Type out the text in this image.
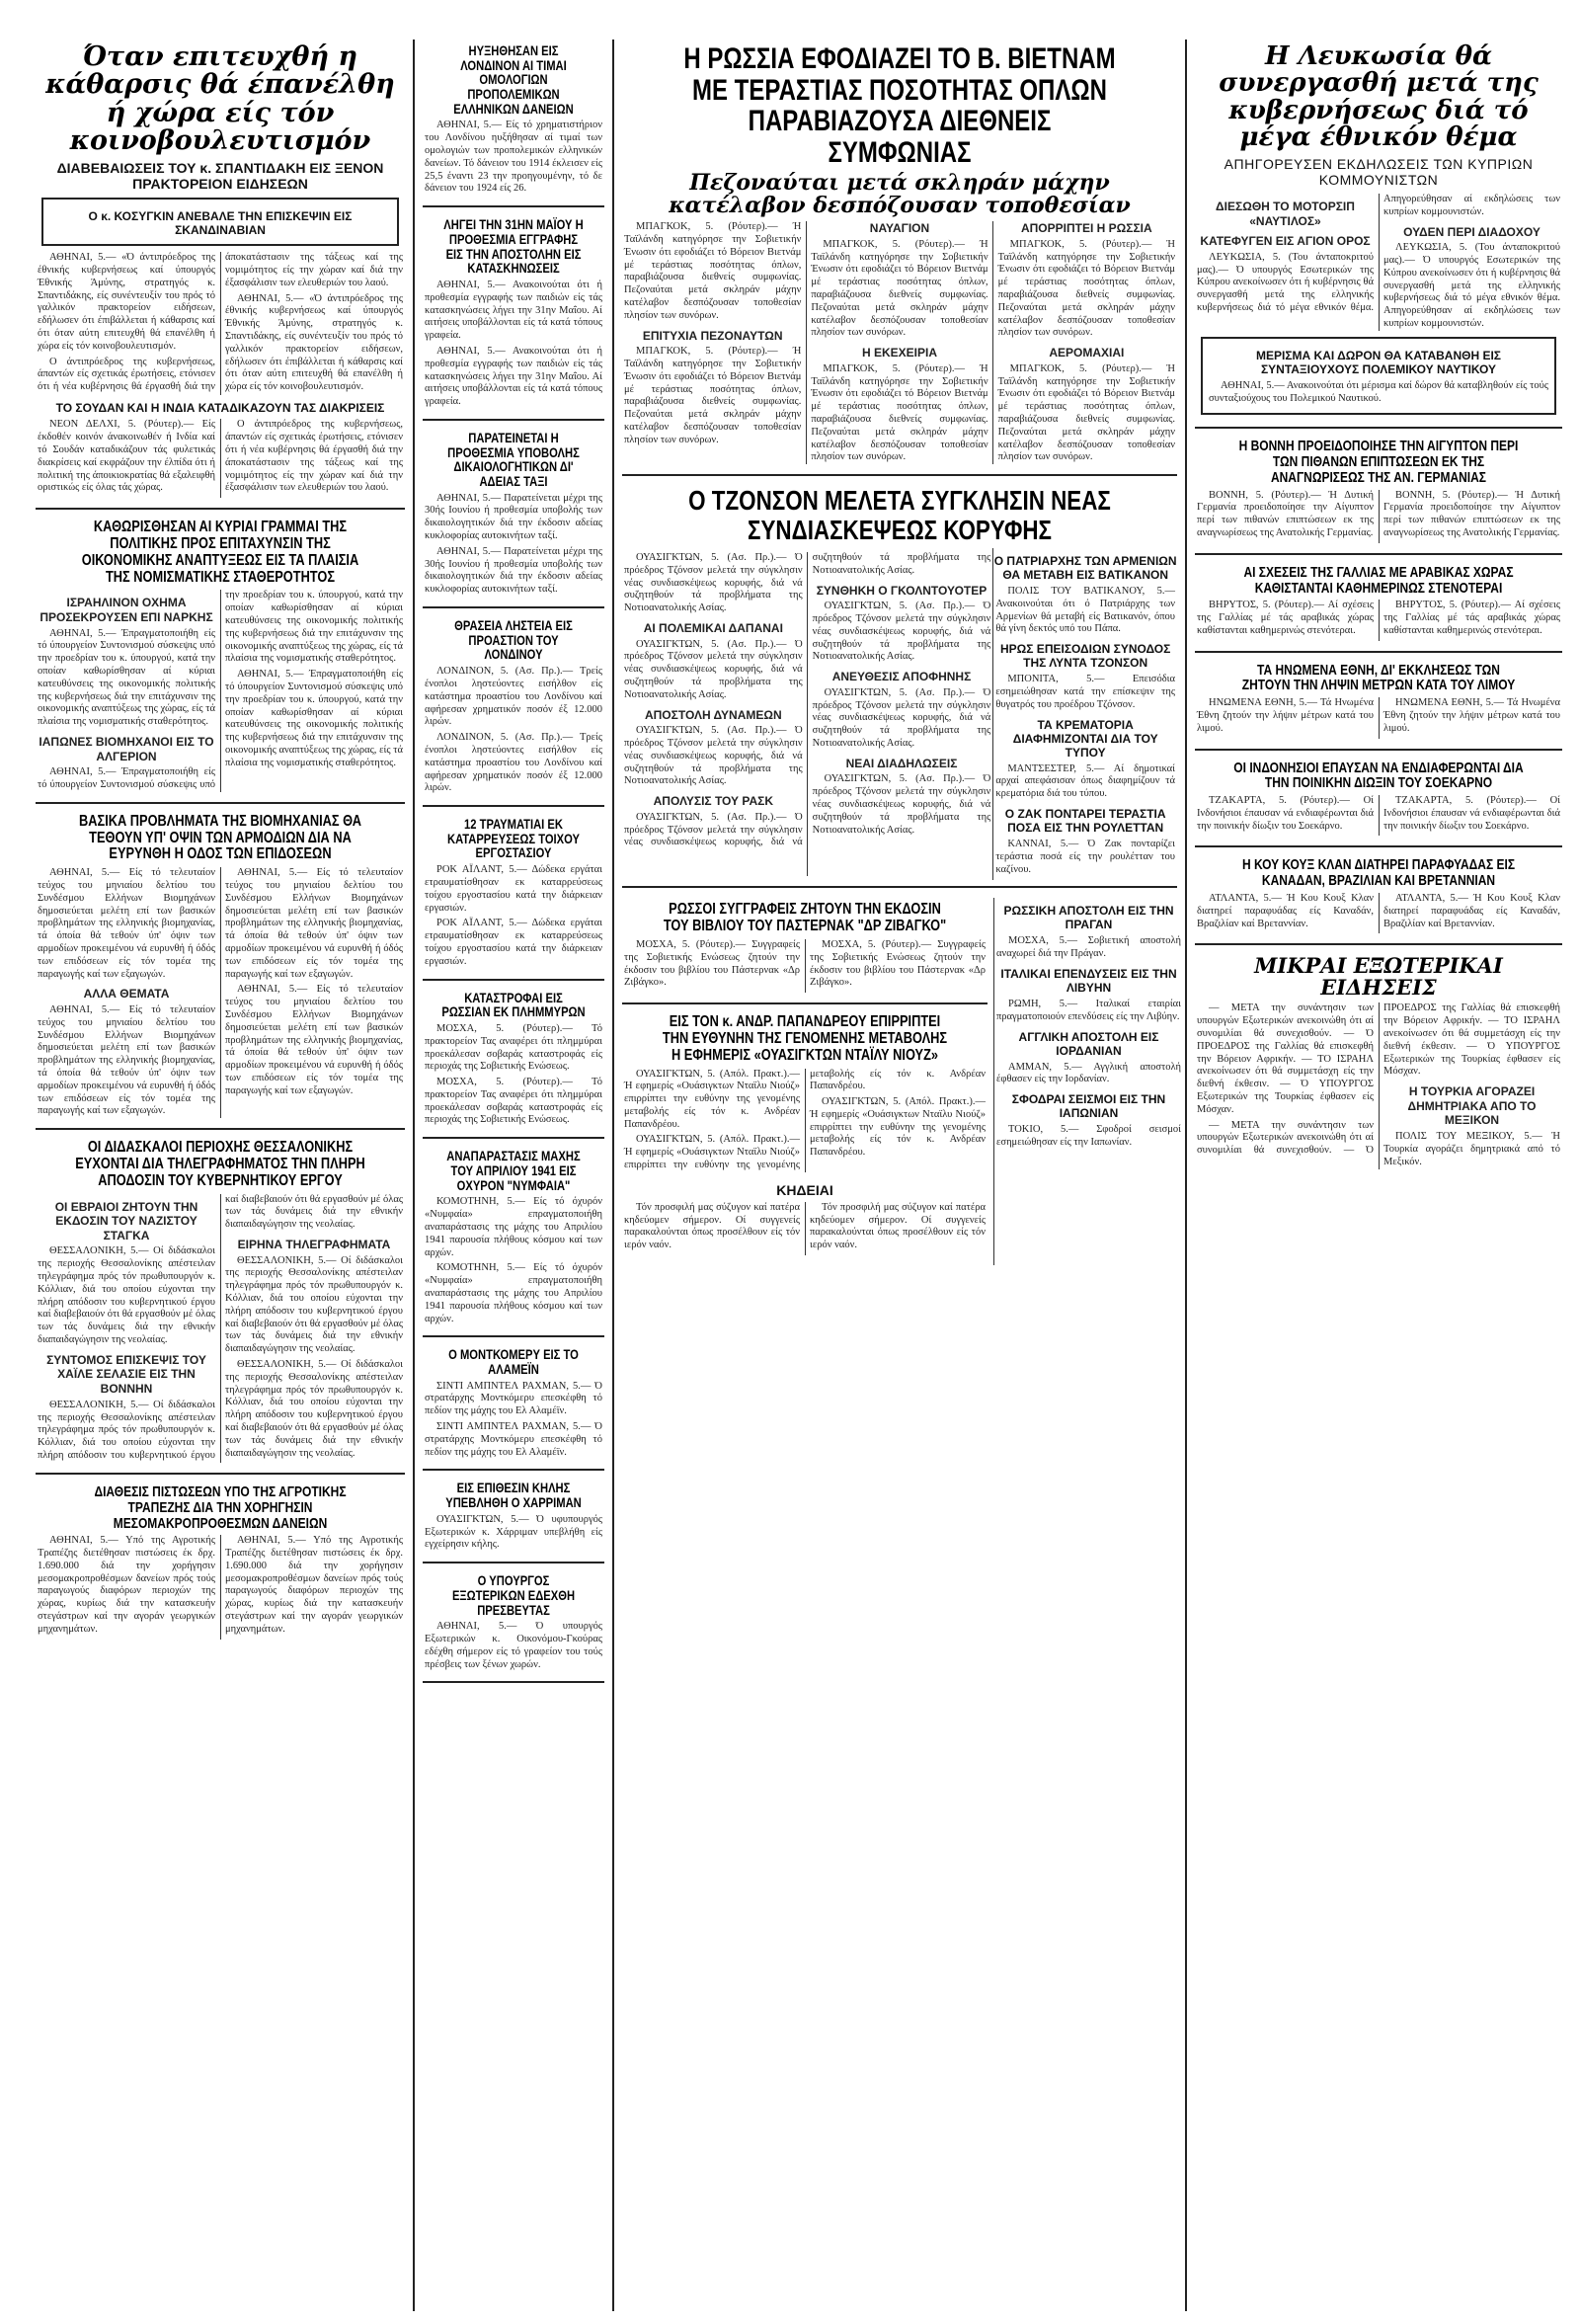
Όταν επιτευχθή η κάθαρσις θά έπανέλθη ή χώρα είς τόν κοινοβουλευτισμόν
ΔΙΑΒΕΒΑΙΩΣΕΙΣ ΤΟΥ κ. ΣΠΑΝΤΙΔΑΚΗ ΕΙΣ ΞΕΝΟΝ ΠΡΑΚΤΟΡΕΙΟΝ ΕΙΔΗΣΕΩΝ
Ο κ. ΚΟΣΥΓΚΙΝ ΑΝΕΒΑΛΕ ΤΗΝ ΕΠΙΣΚΕΨΙΝ ΕΙΣ ΣΚΑΝΔΙΝΑΒΙΑΝ

ΑΘΗΝΑΙ, 5.— «Ό άντιπρόεδρος της έθνικής κυβερνήσεως καί ύπουργός Έθνικής Άμύνης, στρατηγός κ. Σπαντιδάκης, είς συνέντευξίν του πρός τό γαλλικόν πρακτορείον ειδήσεων, εδήλωσεν ότι έπιβάλλεται ή κάθαρσις καί ότι όταν αύτη επιτευχθή θά επανέλθη ή χώρα είς τόν κοινοβουλευτισμόν.

Ο άντιπρόεδρος της κυβερνήσεως, άπαντών είς σχετικάς έρωτήσεις, ετόνισεν ότι ή νέα κυβέρνησις θά έργασθή διά την άποκατάστασιν της τάξεως καί της νομιμότητος είς την χώραν καί διά την έξασφάλισιν των ελευθεριών του λαού.

ΑΘΗΝΑΙ, 5.— «Ό άντιπρόεδρος της έθνικής κυβερνήσεως καί ύπουργός Έθνικής Άμύνης, στρατηγός κ. Σπαντιδάκης, είς συνέντευξίν του πρός τό γαλλικόν πρακτορείον ειδήσεων, εδήλωσεν ότι έπιβάλλεται ή κάθαρσις καί ότι όταν αύτη επιτευχθή θά επανέλθη ή χώρα είς τόν κοινοβουλευτισμόν.

ΤΟ ΣΟΥΔΑΝ ΚΑΙ Η ΙΝΔΙΑ ΚΑΤΑΔΙΚΑΖΟΥΝ ΤΑΣ ΔΙΑΚΡΙΣΕΙΣ

ΝΕΟΝ ΔΕΛΧΙ, 5. (Ρόυτερ).— Είς έκδοθέν κοινόν άνακοινωθέν ή Ινδία καί τό Σουδάν καταδικάζουν τάς φυλετικάς διακρίσεις καί εκφράζουν την έλπίδα ότι ή πολιτική της άποικιοκρατίας θά εξαλειφθή οριστικώς είς όλας τάς χώρας.

Ο άντιπρόεδρος της κυβερνήσεως, άπαντών είς σχετικάς έρωτήσεις, ετόνισεν ότι ή νέα κυβέρνησις θά έργασθή διά την άποκατάστασιν της τάξεως καί της νομιμότητος είς την χώραν καί διά την έξασφάλισιν των ελευθεριών του λαού.

ΚΑΘΩΡΙΣΘΗΣΑΝ ΑΙ ΚΥΡΙΑΙ ΓΡΑΜΜΑΙ ΤΗΣ ΠΟΛΙΤΙΚΗΣ ΠΡΟΣ ΕΠΙΤΑΧΥΝΣΙΝ ΤΗΣ ΟΙΚΟΝΟΜΙΚΗΣ ΑΝΑΠΤΥΞΕΩΣ ΕΙΣ ΤΑ ΠΛΑΙΣΙΑ ΤΗΣ ΝΟΜΙΣΜΑΤΙΚΗΣ ΣΤΑΘΕΡΟΤΗΤΟΣ
ΙΣΡΑΗΛΙΝΟΝ ΟΧΗΜΑ ΠΡΟΣΕΚΡΟΥΣΕΝ ΕΠΙ ΝΑΡΚΗΣ

ΑΘΗΝΑΙ, 5.— Έπραγματοποιήθη είς τό ύπουργείον Συντονισμού σύσκεψις υπό την προεδρίαν του κ. ύπουργού, κατά την οποίαν καθωρίσθησαν αί κύριαι κατευθύνσεις της οικονομικής πολιτικής της κυβερνήσεως διά την επιτάχυνσιν της οικονομικής αναπτύξεως της χώρας, είς τά πλαίσια της νομισματικής σταθερότητος.

ΙΑΠΩΝΕΣ ΒΙΟΜΗΧΑΝΟΙ ΕΙΣ ΤΟ ΑΛΓΕΡΙΟΝ

ΑΘΗΝΑΙ, 5.— Έπραγματοποιήθη είς τό ύπουργείον Συντονισμού σύσκεψις υπό την προεδρίαν του κ. ύπουργού, κατά την οποίαν καθωρίσθησαν αί κύριαι κατευθύνσεις της οικονομικής πολιτικής της κυβερνήσεως διά την επιτάχυνσιν της οικονομικής αναπτύξεως της χώρας, είς τά πλαίσια της νομισματικής σταθερότητος.

ΑΘΗΝΑΙ, 5.— Έπραγματοποιήθη είς τό ύπουργείον Συντονισμού σύσκεψις υπό την προεδρίαν του κ. ύπουργού, κατά την οποίαν καθωρίσθησαν αί κύριαι κατευθύνσεις της οικονομικής πολιτικής της κυβερνήσεως διά την επιτάχυνσιν της οικονομικής αναπτύξεως της χώρας, είς τά πλαίσια της νομισματικής σταθερότητος.

ΒΑΣΙΚΑ ΠΡΟΒΛΗΜΑΤΑ ΤΗΣ ΒΙΟΜΗΧΑΝΙΑΣ ΘΑ ΤΕΘΟΥΝ ΥΠ' ΟΨΙΝ ΤΩΝ ΑΡΜΟΔΙΩΝ ΔΙΑ ΝΑ ΕΥΡΥΝΘΗ Η ΟΔΟΣ ΤΩΝ ΕΠΙΔΟΣΕΩΝ

ΑΘΗΝΑΙ, 5.— Είς τό τελευταίον τεύχος του μηνιαίου δελτίου του Συνδέσμου Ελλήνων Βιομηχάνων δημοσιεύεται μελέτη επί των βασικών προβλημάτων της ελληνικής βιομηχανίας, τά όποία θά τεθούν ύπ' όψιν των αρμοδίων προκειμένου νά ευρυνθή ή όδός των επιδόσεων είς τόν τομέα της παραγωγής καί των εξαγωγών.

ΑΛΛΑ ΘΕΜΑΤΑ

ΑΘΗΝΑΙ, 5.— Είς τό τελευταίον τεύχος του μηνιαίου δελτίου του Συνδέσμου Ελλήνων Βιομηχάνων δημοσιεύεται μελέτη επί των βασικών προβλημάτων της ελληνικής βιομηχανίας, τά όποία θά τεθούν ύπ' όψιν των αρμοδίων προκειμένου νά ευρυνθή ή όδός των επιδόσεων είς τόν τομέα της παραγωγής καί των εξαγωγών.

ΑΘΗΝΑΙ, 5.— Είς τό τελευταίον τεύχος του μηνιαίου δελτίου του Συνδέσμου Ελλήνων Βιομηχάνων δημοσιεύεται μελέτη επί των βασικών προβλημάτων της ελληνικής βιομηχανίας, τά όποία θά τεθούν ύπ' όψιν των αρμοδίων προκειμένου νά ευρυνθή ή όδός των επιδόσεων είς τόν τομέα της παραγωγής καί των εξαγωγών.

ΑΘΗΝΑΙ, 5.— Είς τό τελευταίον τεύχος του μηνιαίου δελτίου του Συνδέσμου Ελλήνων Βιομηχάνων δημοσιεύεται μελέτη επί των βασικών προβλημάτων της ελληνικής βιομηχανίας, τά όποία θά τεθούν ύπ' όψιν των αρμοδίων προκειμένου νά ευρυνθή ή όδός των επιδόσεων είς τόν τομέα της παραγωγής καί των εξαγωγών.

ΟΙ ΔΙΔΑΣΚΑΛΟΙ ΠΕΡΙΟΧΗΣ ΘΕΣΣΑΛΟΝΙΚΗΣ ΕΥΧΟΝΤΑΙ ΔΙΑ ΤΗΛΕΓΡΑΦΗΜΑΤΟΣ ΤΗΝ ΠΛΗΡΗ ΑΠΟΔΟΣΙΝ ΤΟΥ ΚΥΒΕΡΝΗΤΙΚΟΥ ΕΡΓΟΥ
ΟΙ ΕΒΡΑΙΟΙ ΖΗΤΟΥΝ ΤΗΝ ΕΚΔΟΣΙΝ ΤΟΥ ΝΑΖΙΣΤΟΥ ΣΤΑΓΚΑ

ΘΕΣΣΑΛΟΝΙΚΗ, 5.— Οί διδάσκαλοι της περιοχής Θεσσαλονίκης απέστειλαν τηλεγράφημα πρός τόν πρωθυπουργόν κ. Κόλλιαν, διά του οποίου εύχονται την πλήρη απόδοσιν του κυβερνητικού έργου καί διαβεβαιούν ότι θά εργασθούν μέ όλας των τάς δυνάμεις διά την εθνικήν διαπαιδαγώγησιν της νεολαίας.

ΣΥΝΤΟΜΟΣ ΕΠΙΣΚΕΨΙΣ ΤΟΥ ΧΑΪΛΕ ΣΕΛΑΣΙΕ ΕΙΣ ΤΗΝ ΒΟΝΝΗΝ

ΘΕΣΣΑΛΟΝΙΚΗ, 5.— Οί διδάσκαλοι της περιοχής Θεσσαλονίκης απέστειλαν τηλεγράφημα πρός τόν πρωθυπουργόν κ. Κόλλιαν, διά του οποίου εύχονται την πλήρη απόδοσιν του κυβερνητικού έργου καί διαβεβαιούν ότι θά εργασθούν μέ όλας των τάς δυνάμεις διά την εθνικήν διαπαιδαγώγησιν της νεολαίας.

ΕΙΡΗΝΑ ΤΗΛΕΓΡΑΦΗΜΑΤΑ

ΘΕΣΣΑΛΟΝΙΚΗ, 5.— Οί διδάσκαλοι της περιοχής Θεσσαλονίκης απέστειλαν τηλεγράφημα πρός τόν πρωθυπουργόν κ. Κόλλιαν, διά του οποίου εύχονται την πλήρη απόδοσιν του κυβερνητικού έργου καί διαβεβαιούν ότι θά εργασθούν μέ όλας των τάς δυνάμεις διά την εθνικήν διαπαιδαγώγησιν της νεολαίας.

ΘΕΣΣΑΛΟΝΙΚΗ, 5.— Οί διδάσκαλοι της περιοχής Θεσσαλονίκης απέστειλαν τηλεγράφημα πρός τόν πρωθυπουργόν κ. Κόλλιαν, διά του οποίου εύχονται την πλήρη απόδοσιν του κυβερνητικού έργου καί διαβεβαιούν ότι θά εργασθούν μέ όλας των τάς δυνάμεις διά την εθνικήν διαπαιδαγώγησιν της νεολαίας.

ΔΙΑΘΕΣΙΣ ΠΙΣΤΩΣΕΩΝ ΥΠΟ ΤΗΣ ΑΓΡΟΤΙΚΗΣ ΤΡΑΠΕΖΗΣ ΔΙΑ ΤΗΝ ΧΟΡΗΓΗΣΙΝ ΜΕΣΟΜΑΚΡΟΠΡΟΘΕΣΜΩΝ ΔΑΝΕΙΩΝ

ΑΘΗΝΑΙ, 5.— Υπό της Αγροτικής Τραπέζης διετέθησαν πιστώσεις έκ δρχ. 1.690.000 διά την χορήγησιν μεσομακροπροθέσμων δανείων πρός τούς παραγωγούς διαφόρων περιοχών της χώρας, κυρίως διά την κατασκευήν στεγάστρων καί την αγοράν γεωργικών μηχανημάτων.

ΑΘΗΝΑΙ, 5.— Υπό της Αγροτικής Τραπέζης διετέθησαν πιστώσεις έκ δρχ. 1.690.000 διά την χορήγησιν μεσομακροπροθέσμων δανείων πρός τούς παραγωγούς διαφόρων περιοχών της χώρας, κυρίως διά την κατασκευήν στεγάστρων καί την αγοράν γεωργικών μηχανημάτων.

ΗΥΞΗΘΗΣΑΝ ΕΙΣ ΛΟΝΔΙΝΟΝ ΑΙ ΤΙΜΑΙ ΟΜΟΛΟΓΙΩΝ ΠΡΟΠΟΛΕΜΙΚΩΝ ΕΛΛΗΝΙΚΩΝ ΔΑΝΕΙΩΝ

ΑΘΗΝΑΙ, 5.— Είς τό χρηματιστήριον του Λονδίνου ηυξήθησαν αί τιμαί των ομολογιών των προπολεμικών ελληνικών δανείων. Τό δάνειον του 1914 έκλεισεν είς 25,5 έναντι 23 την προηγουμένην, τό δε δάνειον του 1924 είς 26.

ΛΗΓΕΙ ΤΗΝ 31ΗΝ ΜΑΪΟΥ Η ΠΡΟΘΕΣΜΙΑ ΕΓΓΡΑΦΗΣ ΕΙΣ ΤΗΝ ΑΠΟΣΤΟΛΗΝ ΕΙΣ ΚΑΤΑΣΚΗΝΩΣΕΙΣ

ΑΘΗΝΑΙ, 5.— Ανακοινούται ότι ή προθεσμία εγγραφής των παιδιών είς τάς κατασκηνώσεις λήγει την 31ην Μαΐου. Αί αιτήσεις υποβάλλονται είς τά κατά τόπους γραφεία.

ΑΘΗΝΑΙ, 5.— Ανακοινούται ότι ή προθεσμία εγγραφής των παιδιών είς τάς κατασκηνώσεις λήγει την 31ην Μαΐου. Αί αιτήσεις υποβάλλονται είς τά κατά τόπους γραφεία.

ΠΑΡΑΤΕΙΝΕΤΑΙ Η ΠΡΟΘΕΣΜΙΑ ΥΠΟΒΟΛΗΣ ΔΙΚΑΙΟΛΟΓΗΤΙΚΩΝ ΔΙ' ΑΔΕΙΑΣ ΤΑΞΙ

ΑΘΗΝΑΙ, 5.— Παρατείνεται μέχρι της 30ής Ιουνίου ή προθεσμία υποβολής των δικαιολογητικών διά την έκδοσιν αδείας κυκλοφορίας αυτοκινήτων ταξί.

ΑΘΗΝΑΙ, 5.— Παρατείνεται μέχρι της 30ής Ιουνίου ή προθεσμία υποβολής των δικαιολογητικών διά την έκδοσιν αδείας κυκλοφορίας αυτοκινήτων ταξί.

ΘΡΑΣΕΙΑ ΛΗΣΤΕΙΑ ΕΙΣ ΠΡΟΑΣΤΙΟΝ ΤΟΥ ΛΟΝΔΙΝΟΥ

ΛΟΝΔΙΝΟΝ, 5. (Ασ. Πρ.).— Τρείς ένοπλοι ληστεύοντες εισήλθον είς κατάστημα προαστίου του Λονδίνου καί αφήρεσαν χρηματικόν ποσόν έξ 12.000 λιρών.

ΛΟΝΔΙΝΟΝ, 5. (Ασ. Πρ.).— Τρείς ένοπλοι ληστεύοντες εισήλθον είς κατάστημα προαστίου του Λονδίνου καί αφήρεσαν χρηματικόν ποσόν έξ 12.000 λιρών.

12 ΤΡΑΥΜΑΤΙΑΙ ΕΚ ΚΑΤΑΡΡΕΥΣΕΩΣ ΤΟΙΧΟΥ ΕΡΓΟΣΤΑΣΙΟΥ

ΡΟΚ ΑΪΛΑΝΤ, 5.— Δώδεκα εργάται ετραυματίσθησαν εκ καταρρεύσεως τοίχου εργοστασίου κατά την διάρκειαν εργασιών.

ΡΟΚ ΑΪΛΑΝΤ, 5.— Δώδεκα εργάται ετραυματίσθησαν εκ καταρρεύσεως τοίχου εργοστασίου κατά την διάρκειαν εργασιών.

ΚΑΤΑΣΤΡΟΦΑΙ ΕΙΣ ΡΩΣΣΙΑΝ ΕΚ ΠΛΗΜΜΥΡΩΝ

ΜΟΣΧΑ, 5. (Ρόυτερ).— Τό πρακτορείον Τας αναφέρει ότι πλημμύραι προεκάλεσαν σοβαράς καταστροφάς είς περιοχάς της Σοβιετικής Ενώσεως.

ΜΟΣΧΑ, 5. (Ρόυτερ).— Τό πρακτορείον Τας αναφέρει ότι πλημμύραι προεκάλεσαν σοβαράς καταστροφάς είς περιοχάς της Σοβιετικής Ενώσεως.

ΑΝΑΠΑΡΑΣΤΑΣΙΣ ΜΑΧΗΣ ΤΟΥ ΑΠΡΙΛΙΟΥ 1941 ΕΙΣ ΟΧΥΡΟΝ "ΝΥΜΦΑΙΑ"

ΚΟΜΟΤΗΝΗ, 5.— Είς τό όχυρόν «Νυμφαία» επραγματοποιήθη αναπαράστασις της μάχης του Απριλίου 1941 παρουσία πλήθους κόσμου καί των αρχών.

ΚΟΜΟΤΗΝΗ, 5.— Είς τό όχυρόν «Νυμφαία» επραγματοποιήθη αναπαράστασις της μάχης του Απριλίου 1941 παρουσία πλήθους κόσμου καί των αρχών.

Ο ΜΟΝΤΚΟΜΕΡΥ ΕΙΣ ΤΟ ΑΛΑΜΕΪΝ

ΣΙΝΤΙ ΑΜΠΝΤΕΛ ΡΑΧΜΑΝ, 5.— Ό στρατάρχης Μοντκόμερυ επεσκέφθη τό πεδίον της μάχης του Ελ Αλαμέϊν.

ΣΙΝΤΙ ΑΜΠΝΤΕΛ ΡΑΧΜΑΝ, 5.— Ό στρατάρχης Μοντκόμερυ επεσκέφθη τό πεδίον της μάχης του Ελ Αλαμέϊν.

ΕΙΣ ΕΠΙΘΕΣΙΝ ΚΗΛΗΣ ΥΠΕΒΛΗΘΗ Ο ΧΑΡΡΙΜΑΝ

ΟΥΑΣΙΓΚΤΩΝ, 5.— Ό υφυπουργός Εξωτερικών κ. Χάρριμαν υπεβλήθη είς εγχείρησιν κήλης.

Ο ΥΠΟΥΡΓΟΣ ΕΞΩΤΕΡΙΚΩΝ ΕΔΕΧΘΗ ΠΡΕΣΒΕΥΤΑΣ

ΑΘΗΝΑΙ, 5.— Ό υπουργός Εξωτερικών κ. Οικονόμου-Γκούρας εδέχθη σήμερον είς τό γραφείον του τούς πρέσβεις των ξένων χωρών.

Η ΡΩΣΣΙΑ ΕΦΟΔΙΑΖΕΙ ΤΟ Β. ΒΙΕΤΝΑΜ ΜΕ ΤΕΡΑΣΤΙΑΣ ΠΟΣΟΤΗΤΑΣ ΟΠΛΩΝ ΠΑΡΑΒΙΑΖΟΥΣΑ ΔΙΕΘΝΕΙΣ ΣΥΜΦΩΝΙΑΣ
Πεζοναύται μετά σκληράν μάχην κατέλαβον δεσπόζουσαν τοποθεσίαν

ΜΠΑΓΚΟΚ, 5. (Ρόυτερ).— Ή Ταϊλάνδη κατηγόρησε την Σοβιετικήν Ένωσιν ότι εφοδιάζει τό Βόρειον Βιετνάμ μέ τεράστιας ποσότητας όπλων, παραβιάζουσα διεθνείς συμφωνίας. Πεζοναύται μετά σκληράν μάχην κατέλαβον δεσπόζουσαν τοποθεσίαν πλησίον των συνόρων.

ΕΠΙΤΥΧΙΑ ΠΕΖΟΝΑΥΤΩΝ

ΜΠΑΓΚΟΚ, 5. (Ρόυτερ).— Ή Ταϊλάνδη κατηγόρησε την Σοβιετικήν Ένωσιν ότι εφοδιάζει τό Βόρειον Βιετνάμ μέ τεράστιας ποσότητας όπλων, παραβιάζουσα διεθνείς συμφωνίας. Πεζοναύται μετά σκληράν μάχην κατέλαβον δεσπόζουσαν τοποθεσίαν πλησίον των συνόρων.

ΝΑΥΑΓΙΟΝ

ΜΠΑΓΚΟΚ, 5. (Ρόυτερ).— Ή Ταϊλάνδη κατηγόρησε την Σοβιετικήν Ένωσιν ότι εφοδιάζει τό Βόρειον Βιετνάμ μέ τεράστιας ποσότητας όπλων, παραβιάζουσα διεθνείς συμφωνίας. Πεζοναύται μετά σκληράν μάχην κατέλαβον δεσπόζουσαν τοποθεσίαν πλησίον των συνόρων.

Η ΕΚΕΧΕΙΡΙΑ

ΜΠΑΓΚΟΚ, 5. (Ρόυτερ).— Ή Ταϊλάνδη κατηγόρησε την Σοβιετικήν Ένωσιν ότι εφοδιάζει τό Βόρειον Βιετνάμ μέ τεράστιας ποσότητας όπλων, παραβιάζουσα διεθνείς συμφωνίας. Πεζοναύται μετά σκληράν μάχην κατέλαβον δεσπόζουσαν τοποθεσίαν πλησίον των συνόρων.

ΑΠΟΡΡΙΠΤΕΙ Η ΡΩΣΣΙΑ

ΜΠΑΓΚΟΚ, 5. (Ρόυτερ).— Ή Ταϊλάνδη κατηγόρησε την Σοβιετικήν Ένωσιν ότι εφοδιάζει τό Βόρειον Βιετνάμ μέ τεράστιας ποσότητας όπλων, παραβιάζουσα διεθνείς συμφωνίας. Πεζοναύται μετά σκληράν μάχην κατέλαβον δεσπόζουσαν τοποθεσίαν πλησίον των συνόρων.

ΑΕΡΟΜΑΧΙΑΙ

ΜΠΑΓΚΟΚ, 5. (Ρόυτερ).— Ή Ταϊλάνδη κατηγόρησε την Σοβιετικήν Ένωσιν ότι εφοδιάζει τό Βόρειον Βιετνάμ μέ τεράστιας ποσότητας όπλων, παραβιάζουσα διεθνείς συμφωνίας. Πεζοναύται μετά σκληράν μάχην κατέλαβον δεσπόζουσαν τοποθεσίαν πλησίον των συνόρων.

Ο ΤΖΟΝΣΟΝ ΜΕΛΕΤΑ ΣΥΓΚΛΗΣΙΝ ΝΕΑΣ ΣΥΝΔΙΑΣΚΕΨΕΩΣ ΚΟΡΥΦΗΣ

ΟΥΑΣΙΓΚΤΩΝ, 5. (Ασ. Πρ.).— Ό πρόεδρος Τζόνσον μελετά την σύγκλησιν νέας συνδιασκέψεως κορυφής, διά νά συζητηθούν τά προβλήματα της Νοτιοανατολικής Ασίας.

ΑΙ ΠΟΛΕΜΙΚΑΙ ΔΑΠΑΝΑΙ

ΟΥΑΣΙΓΚΤΩΝ, 5. (Ασ. Πρ.).— Ό πρόεδρος Τζόνσον μελετά την σύγκλησιν νέας συνδιασκέψεως κορυφής, διά νά συζητηθούν τά προβλήματα της Νοτιοανατολικής Ασίας.

ΑΠΟΣΤΟΛΗ ΔΥΝΑΜΕΩΝ

ΟΥΑΣΙΓΚΤΩΝ, 5. (Ασ. Πρ.).— Ό πρόεδρος Τζόνσον μελετά την σύγκλησιν νέας συνδιασκέψεως κορυφής, διά νά συζητηθούν τά προβλήματα της Νοτιοανατολικής Ασίας.

ΑΠΟΛΥΣΙΣ ΤΟΥ ΡΑΣΚ

ΟΥΑΣΙΓΚΤΩΝ, 5. (Ασ. Πρ.).— Ό πρόεδρος Τζόνσον μελετά την σύγκλησιν νέας συνδιασκέψεως κορυφής, διά νά συζητηθούν τά προβλήματα της Νοτιοανατολικής Ασίας.

ΣΥΝΘΗΚΗ Ο ΓΚΟΛΝΤΟΥΟΤΕΡ

ΟΥΑΣΙΓΚΤΩΝ, 5. (Ασ. Πρ.).— Ό πρόεδρος Τζόνσον μελετά την σύγκλησιν νέας συνδιασκέψεως κορυφής, διά νά συζητηθούν τά προβλήματα της Νοτιοανατολικής Ασίας.

ΑΝΕΥΘΕΣΙΣ ΑΠΟΦΗΝΗΣ

ΟΥΑΣΙΓΚΤΩΝ, 5. (Ασ. Πρ.).— Ό πρόεδρος Τζόνσον μελετά την σύγκλησιν νέας συνδιασκέψεως κορυφής, διά νά συζητηθούν τά προβλήματα της Νοτιοανατολικής Ασίας.

ΝΕΑΙ ΔΙΑΔΗΛΩΣΕΙΣ

ΟΥΑΣΙΓΚΤΩΝ, 5. (Ασ. Πρ.).— Ό πρόεδρος Τζόνσον μελετά την σύγκλησιν νέας συνδιασκέψεως κορυφής, διά νά συζητηθούν τά προβλήματα της Νοτιοανατολικής Ασίας.

Ο ΠΑΤΡΙΑΡΧΗΣ ΤΩΝ ΑΡΜΕΝΙΩΝ ΘΑ ΜΕΤΑΒΗ ΕΙΣ ΒΑΤΙΚΑΝΟΝ

ΠΟΛΙΣ ΤΟΥ ΒΑΤΙΚΑΝΟΥ, 5.— Ανακοινούται ότι ό Πατριάρχης των Αρμενίων θά μεταβή είς Βατικανόν, όπου θά γίνη δεκτός υπό του Πάπα.

ΗΡΩΣ ΕΠΕΙΣΟΔΙΩΝ ΣΥΝΟΔΟΣ ΤΗΣ ΛΥΝΤΑ ΤΖΟΝΣΟΝ

ΜΠΟΝΙΤΑ, 5.— Επεισόδια εσημειώθησαν κατά την επίσκεψιν της θυγατρός του προέδρου Τζόνσον.

ΤΑ ΚΡΕΜΑΤΟΡΙΑ ΔΙΑΦΗΜΙΖΟΝΤΑΙ ΔΙΑ ΤΟΥ ΤΥΠΟΥ

ΜΑΝΤΣΕΣΤΕΡ, 5.— Αί δημοτικαί αρχαί απεφάσισαν όπως διαφημίζουν τά κρεματόρια διά του τύπου.

Ο ΖΑΚ ΠΟΝΤΑΡΕΙ ΤΕΡΑΣΤΙΑ ΠΟΣΑ ΕΙΣ ΤΗΝ ΡΟΥΛΕΤΤΑΝ

ΚΑΝΝΑΙ, 5.— Ό Ζακ πονταρίζει τεράστια ποσά είς την ρουλέτταν του καζίνου.

ΡΩΣΣΟΙ ΣΥΓΓΡΑΦΕΙΣ ΖΗΤΟΥΝ ΤΗΝ ΕΚΔΟΣΙΝ ΤΟΥ ΒΙΒΛΙΟΥ ΤΟΥ ΠΑΣΤΕΡΝΑΚ "ΔΡ ΖΙΒΑΓΚΟ"

ΜΟΣΧΑ, 5. (Ρόυτερ).— Συγγραφείς της Σοβιετικής Ενώσεως ζητούν την έκδοσιν του βιβλίου του Πάστερνακ «Δρ Ζιβάγκο».

ΜΟΣΧΑ, 5. (Ρόυτερ).— Συγγραφείς της Σοβιετικής Ενώσεως ζητούν την έκδοσιν του βιβλίου του Πάστερνακ «Δρ Ζιβάγκο».

ΕΙΣ ΤΟΝ κ. ΑΝΔΡ. ΠΑΠΑΝΔΡΕΟΥ ΕΠΙΡΡΙΠΤΕΙ ΤΗΝ ΕΥΘΥΝΗΝ ΤΗΣ ΓΕΝΟΜΕΝΗΣ ΜΕΤΑΒΟΛΗΣ Η ΕΦΗΜΕΡΙΣ «ΟΥΑΣΙΓΚΤΩΝ ΝΤΑΪΛΥ ΝΙΟΥΖ»

ΟΥΑΣΙΓΚΤΩΝ, 5. (Απόλ. Πρακτ.).— Ή εφημερίς «Ουάσιγκτων Νταϊλυ Νιούζ» επιρρίπτει την ευθύνην της γενομένης μεταβολής είς τόν κ. Ανδρέαν Παπανδρέου.

ΟΥΑΣΙΓΚΤΩΝ, 5. (Απόλ. Πρακτ.).— Ή εφημερίς «Ουάσιγκτων Νταϊλυ Νιούζ» επιρρίπτει την ευθύνην της γενομένης μεταβολής είς τόν κ. Ανδρέαν Παπανδρέου.

ΟΥΑΣΙΓΚΤΩΝ, 5. (Απόλ. Πρακτ.).— Ή εφημερίς «Ουάσιγκτων Νταϊλυ Νιούζ» επιρρίπτει την ευθύνην της γενομένης μεταβολής είς τόν κ. Ανδρέαν Παπανδρέου.

ΚΗΔΕΙΑΙ

Τόν προσφιλή μας σύζυγον καί πατέρα κηδεύομεν σήμερον. Οί συγγενείς παρακαλούνται όπως προσέλθουν είς τόν ιερόν ναόν.

Τόν προσφιλή μας σύζυγον καί πατέρα κηδεύομεν σήμερον. Οί συγγενείς παρακαλούνται όπως προσέλθουν είς τόν ιερόν ναόν.

ΡΩΣΣΙΚΗ ΑΠΟΣΤΟΛΗ ΕΙΣ ΤΗΝ ΠΡΑΓΑΝ

ΜΟΣΧΑ, 5.— Σοβιετική αποστολή αναχωρεί διά την Πράγαν.

ΙΤΑΛΙΚΑΙ ΕΠΕΝΔΥΣΕΙΣ ΕΙΣ ΤΗΝ ΛΙΒΥΗΝ

ΡΩΜΗ, 5.— Ιταλικαί εταιρίαι πραγματοποιούν επενδύσεις είς την Λιβύην.

ΑΓΓΛΙΚΗ ΑΠΟΣΤΟΛΗ ΕΙΣ ΙΟΡΔΑΝΙΑΝ

ΑΜΜΑΝ, 5.— Αγγλική αποστολή έφθασεν είς την Ιορδανίαν.

ΣΦΟΔΡΑΙ ΣΕΙΣΜΟΙ ΕΙΣ ΤΗΝ ΙΑΠΩΝΙΑΝ

ΤΟΚΙΟ, 5.— Σφοδροί σεισμοί εσημειώθησαν είς την Ιαπωνίαν.

Η Λευκωσία θά συνεργασθή μετά της κυβερνήσεως διά τό μέγα έθνικόν θέμα
ΑΠΗΓΟΡΕΥΣΕΝ ΕΚΔΗΛΩΣΕΙΣ ΤΩΝ ΚΥΠΡΙΩΝ ΚΟΜΜΟΥΝΙΣΤΩΝ
ΔΙΕΣΩΘΗ ΤΟ ΜΟΤΟΡΣΙΠ «ΝΑΥΤΙΛΟΣ»
ΚΑΤΕΦΥΓΕΝ ΕΙΣ ΑΓΙΟΝ ΟΡΟΣ

ΛΕΥΚΩΣΙΑ, 5. (Του άνταποκριτού μας).— Ό υπουργός Εσωτερικών της Κύπρου ανεκοίνωσεν ότι ή κυβέρνησις θά συνεργασθή μετά της ελληνικής κυβερνήσεως διά τό μέγα εθνικόν θέμα. Απηγορεύθησαν αί εκδηλώσεις των κυπρίων κομμουνιστών.

ΟΥΔΕΝ ΠΕΡΙ ΔΙΑΔΟΧΟΥ

ΛΕΥΚΩΣΙΑ, 5. (Του άνταποκριτού μας).— Ό υπουργός Εσωτερικών της Κύπρου ανεκοίνωσεν ότι ή κυβέρνησις θά συνεργασθή μετά της ελληνικής κυβερνήσεως διά τό μέγα εθνικόν θέμα. Απηγορεύθησαν αί εκδηλώσεις των κυπρίων κομμουνιστών.

ΜΕΡΙΣΜΑ ΚΑΙ ΔΩΡΟΝ ΘΑ ΚΑΤΑΒΑΝΘΗ ΕΙΣ ΣΥΝΤΑΞΙΟΥΧΟΥΣ ΠΟΛΕΜΙΚΟΥ ΝΑΥΤΙΚΟΥ

ΑΘΗΝΑΙ, 5.— Ανακοινούται ότι μέρισμα καί δώρον θά καταβληθούν είς τούς συνταξιούχους του Πολεμικού Ναυτικού.

Η ΒΟΝΝΗ ΠΡΟΕΙΔΟΠΟΙΗΣΕ ΤΗΝ ΑΙΓΥΠΤΟΝ ΠΕΡΙ ΤΩΝ ΠΙΘΑΝΩΝ ΕΠΙΠΤΩΣΕΩΝ ΕΚ ΤΗΣ ΑΝΑΓΝΩΡΙΣΕΩΣ ΤΗΣ ΑΝ. ΓΕΡΜΑΝΙΑΣ

ΒΟΝΝΗ, 5. (Ρόυτερ).— Ή Δυτική Γερμανία προειδοποίησε την Αίγυπτον περί των πιθανών επιπτώσεων εκ της αναγνωρίσεως της Ανατολικής Γερμανίας.

ΒΟΝΝΗ, 5. (Ρόυτερ).— Ή Δυτική Γερμανία προειδοποίησε την Αίγυπτον περί των πιθανών επιπτώσεων εκ της αναγνωρίσεως της Ανατολικής Γερμανίας.

ΑΙ ΣΧΕΣΕΙΣ ΤΗΣ ΓΑΛΛΙΑΣ ΜΕ ΑΡΑΒΙΚΑΣ ΧΩΡΑΣ ΚΑΘΙΣΤΑΝΤΑΙ ΚΑΘΗΜΕΡΙΝΩΣ ΣΤΕΝΟΤΕΡΑΙ

ΒΗΡΥΤΟΣ, 5. (Ρόυτερ).— Αί σχέσεις της Γαλλίας μέ τάς αραβικάς χώρας καθίστανται καθημερινώς στενότεραι.

ΒΗΡΥΤΟΣ, 5. (Ρόυτερ).— Αί σχέσεις της Γαλλίας μέ τάς αραβικάς χώρας καθίστανται καθημερινώς στενότεραι.

ΤΑ ΗΝΩΜΕΝΑ ΕΘΝΗ, ΔΙ' ΕΚΚΛΗΣΕΩΣ ΤΩΝ ΖΗΤΟΥΝ ΤΗΝ ΛΗΨΙΝ ΜΕΤΡΩΝ ΚΑΤΑ ΤΟΥ ΛΙΜΟΥ

ΗΝΩΜΕΝΑ ΕΘΝΗ, 5.— Τά Ηνωμένα Έθνη ζητούν την λήψιν μέτρων κατά του λιμού.

ΗΝΩΜΕΝΑ ΕΘΝΗ, 5.— Τά Ηνωμένα Έθνη ζητούν την λήψιν μέτρων κατά του λιμού.

ΟΙ ΙΝΔΟΝΗΣΙΟΙ ΕΠΑΥΣΑΝ ΝΑ ΕΝΔΙΑΦΕΡΩΝΤΑΙ ΔΙΑ ΤΗΝ ΠΟΙΝΙΚΗΝ ΔΙΩΞΙΝ ΤΟΥ ΣΟΕΚΑΡΝΟ

ΤΖΑΚΑΡΤΑ, 5. (Ρόυτερ).— Οί Ινδονήσιοι έπαυσαν νά ενδιαφέρωνται διά την ποινικήν δίωξιν του Σοεκάρνο.

ΤΖΑΚΑΡΤΑ, 5. (Ρόυτερ).— Οί Ινδονήσιοι έπαυσαν νά ενδιαφέρωνται διά την ποινικήν δίωξιν του Σοεκάρνο.

Η ΚΟΥ ΚΟΥΞ ΚΛΑΝ ΔΙΑΤΗΡΕΙ ΠΑΡΑΦΥΑΔΑΣ ΕΙΣ ΚΑΝΑΔΑΝ, ΒΡΑΖΙΛΙΑΝ ΚΑΙ ΒΡΕΤΑΝΝΙΑΝ

ΑΤΛΑΝΤΑ, 5.— Ή Κου Κουξ Κλαν διατηρεί παραφυάδας είς Καναδάν, Βραζιλίαν καί Βρεταννίαν.

ΑΤΛΑΝΤΑ, 5.— Ή Κου Κουξ Κλαν διατηρεί παραφυάδας είς Καναδάν, Βραζιλίαν καί Βρεταννίαν.

ΜΙΚΡΑΙ ΕΞΩΤΕΡΙΚΑΙ ΕΙΔΗΣΕΙΣ

— ΜΕΤΑ την συνάντησιν των υπουργών Εξωτερικών ανεκοινώθη ότι αί συνομιλίαι θά συνεχισθούν. — Ό ΠΡΟΕΔΡΟΣ της Γαλλίας θά επισκεφθή την Βόρειον Αφρικήν. — ΤΟ ΙΣΡΑΗΛ ανεκοίνωσεν ότι θά συμμετάσχη είς την διεθνή έκθεσιν. — Ό ΥΠΟΥΡΓΟΣ Εξωτερικών της Τουρκίας έφθασεν είς Μόσχαν.

— ΜΕΤΑ την συνάντησιν των υπουργών Εξωτερικών ανεκοινώθη ότι αί συνομιλίαι θά συνεχισθούν. — Ό ΠΡΟΕΔΡΟΣ της Γαλλίας θά επισκεφθή την Βόρειον Αφρικήν. — ΤΟ ΙΣΡΑΗΛ ανεκοίνωσεν ότι θά συμμετάσχη είς την διεθνή έκθεσιν. — Ό ΥΠΟΥΡΓΟΣ Εξωτερικών της Τουρκίας έφθασεν είς Μόσχαν.

Η ΤΟΥΡΚΙΑ ΑΓΟΡΑΖΕΙ ΔΗΜΗΤΡΙΑΚΑ ΑΠΟ ΤΟ ΜΕΞΙΚΟΝ

ΠΟΛΙΣ ΤΟΥ ΜΕΞΙΚΟΥ, 5.— Ή Τουρκία αγοράζει δημητριακά από τό Μεξικόν.
